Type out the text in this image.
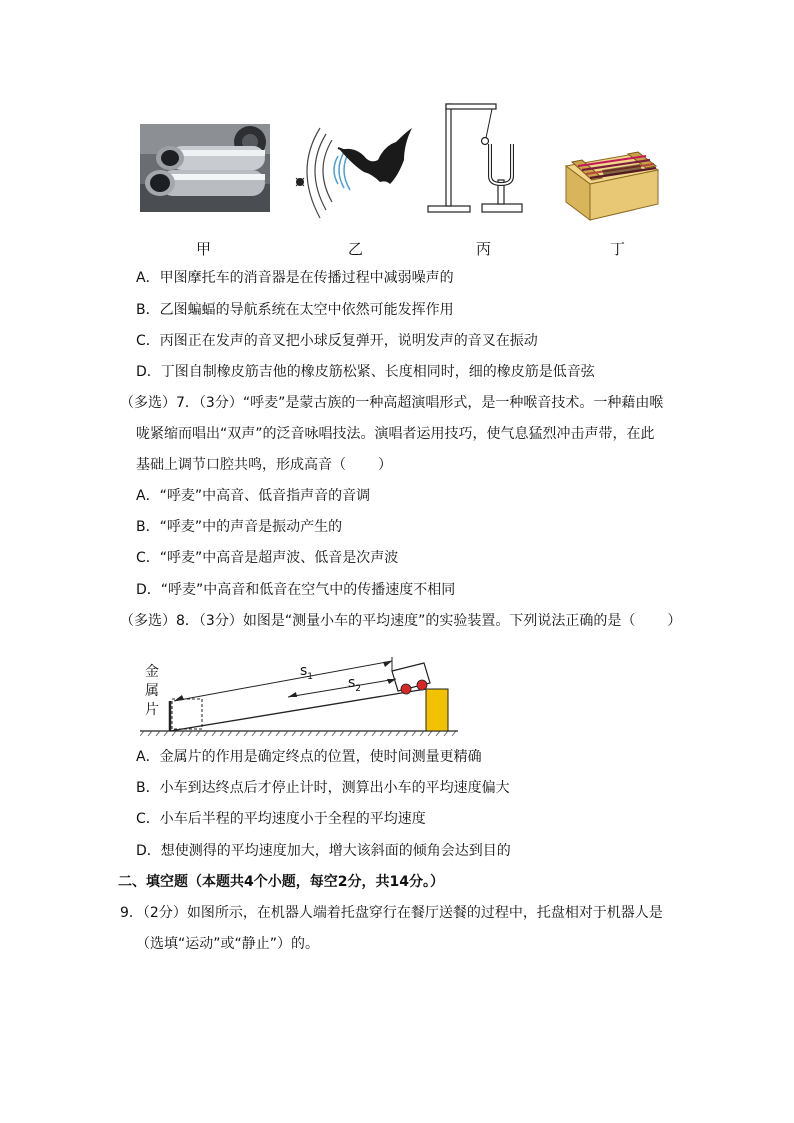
甲	乙	丙	丁
A．甲图摩托车的消音器是在传播过程中减弱噪声的
B．乙图蝙蝠的导航系统在太空中依然可能发挥作用
C．丙图正在发声的音叉把小球反复弹开，说明发声的音叉在振动
D．丁图自制橡皮筋吉他的橡皮筋松紧、长度相同时，细的橡皮筋是低音弦
（多选）7．（3分）“呼麦”是蒙古族的一种高超演唱形式，是一种喉音技术。一种藉由喉
咙紧缩而唱出“双声”的泛音咏唱技法。演唱者运用技巧，使气息猛烈冲击声带，在此
基础上调节口腔共鸣，形成高音（ ）
A．“呼麦”中高音、低音指声音的音调
B．“呼麦”中的声音是振动产生的
C．“呼麦”中高音是超声波、低音是次声波
D．“呼麦”中高音和低音在空气中的传播速度不相同
（多选）8．（3分）如图是“测量小车的平均速度”的实验装置。下列说法正确的是（ ）
金
属
片
$s_1$ $s_2$
A．金属片的作用是确定终点的位置，使时间测量更精确
B．小车到达终点后才停止计时，测算出小车的平均速度偏大
C．小车后半程的平均速度小于全程的平均速度
D．想使测得的平均速度加大，增大该斜面的倾角会达到目的
二、填空题（本题共4个小题，每空2分，共14分。）
9．（2分）如图所示，在机器人端着托盘穿行在餐厅送餐的过程中，托盘相对于机器人是
（选填“运动”或“静止”）的。
